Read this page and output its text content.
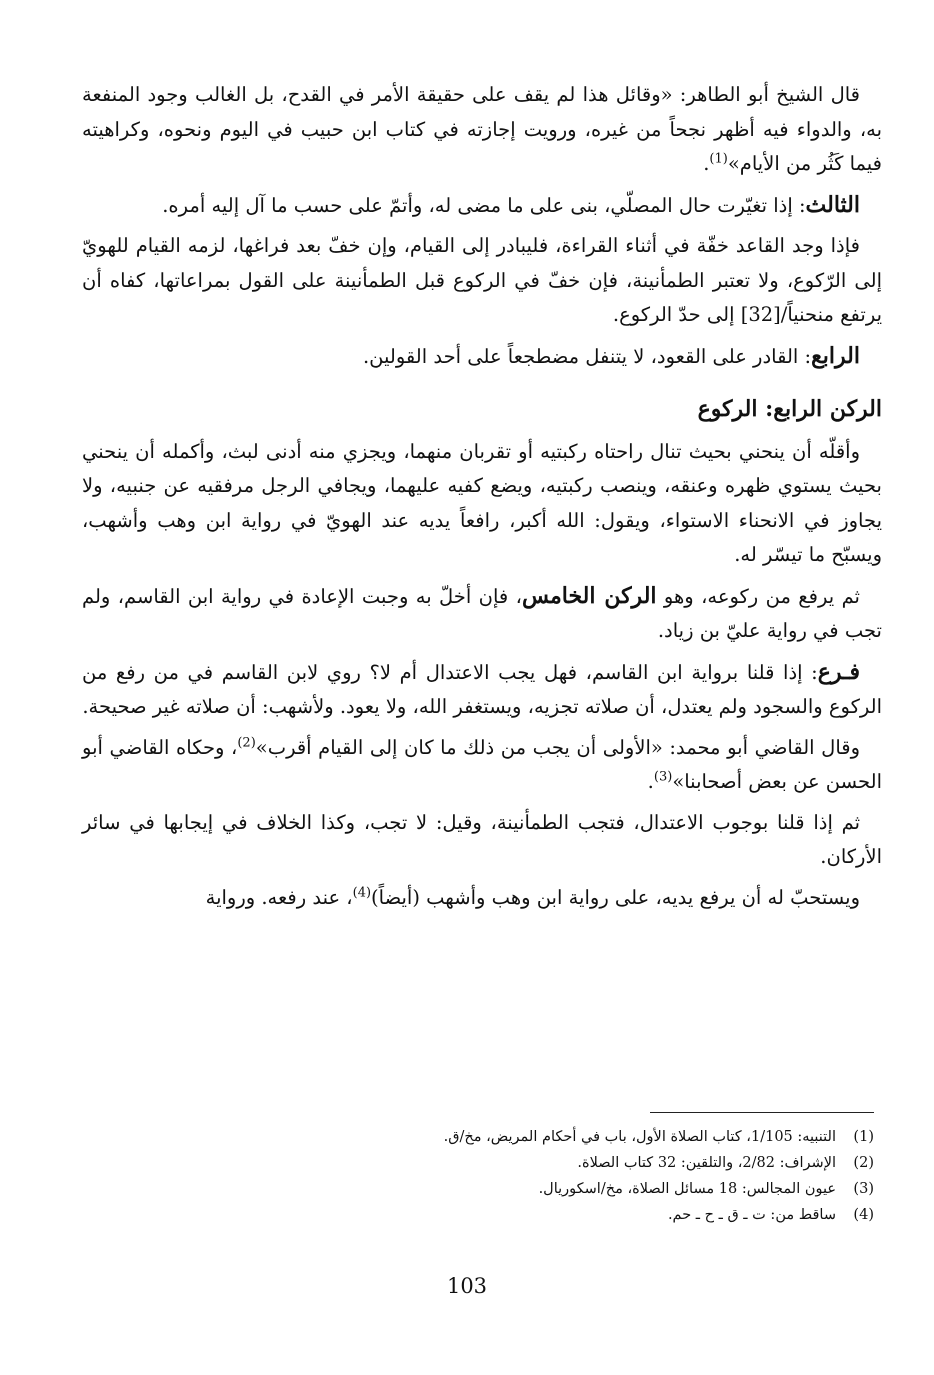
قال الشيخ أبو الطاهر: «وقائل هذا لم يقف على حقيقة الأمر في القدح، بل الغالب وجود المنفعة به، والدواء فيه أظهر نجحاً من غيره، ورويت إجازته في كتاب ابن حبيب في اليوم ونحوه، وكراهيته فيما كَثُر من الأيام»$^{(1)}$.

الثالث: إذا تغيّرت حال المصلّي، بنى على ما مضى له، وأتمّ على حسب ما آل إليه أمره.

فإذا وجد القاعد خفّة في أثناء القراءة، فليبادر إلى القيام، وإن خفّ بعد فراغها، لزمه القيام للهويّ إلى الرّكوع، ولا تعتبر الطمأنينة، فإن خفّ في الركوع قبل الطمأنينة على القول بمراعاتها، كفاه أن يرتفع منحنياً/[32] إلى حدّ الركوع.

الرابع: القادر على القعود، لا يتنفل مضطجعاً على أحد القولين.

الركن الرابع: الركوع

وأقلّه أن ينحني بحيث تنال راحتاه ركبتيه أو تقربان منهما، ويجزي منه أدنى لبث، وأكمله أن ينحني بحيث يستوي ظهره وعنقه، وينصب ركبتيه، ويضع كفيه عليهما، ويجافي الرجل مرفقيه عن جنبيه، ولا يجاوز في الانحناء الاستواء، ويقول: الله أكبر، رافعاً يديه عند الهويّ في رواية ابن وهب وأشهب، ويسبّح ما تيسّر له.

ثم يرفع من ركوعه، وهو الركن الخامس، فإن أخلّ به وجبت الإعادة في رواية ابن القاسم، ولم تجب في رواية عليّ بن زياد.

فـرع: إذا قلنا برواية ابن القاسم، فهل يجب الاعتدال أم لا؟ روي لابن القاسم في من رفع من الركوع والسجود ولم يعتدل، أن صلاته تجزيه، ويستغفر الله، ولا يعود. ولأشهب: أن صلاته غير صحيحة.

وقال القاضي أبو محمد: «الأولى أن يجب من ذلك ما كان إلى القيام أقرب»$^{(2)}$، وحكاه القاضي أبو الحسن عن بعض أصحابنا»$^{(3)}$.

ثم إذا قلنا بوجوب الاعتدال، فتجب الطمأنينة، وقيل: لا تجب، وكذا الخلاف في إيجابها في سائر الأركان.

ويستحبّ له أن يرفع يديه، على رواية ابن وهب وأشهب (أيضاً)$^{(4)}$، عند رفعه. ورواية

(1)
التنبيه: 1/105، كتاب الصلاة الأول، باب في أحكام المريض، مخ/ق.
(2)
الإشراف: 2/82، والتلقين: 32 كتاب الصلاة.
(3)
عيون المجالس: 18 مسائل الصلاة، مخ/اسكوريال.
(4)
ساقط من: ت ـ ق ـ ح ـ حم.
103
